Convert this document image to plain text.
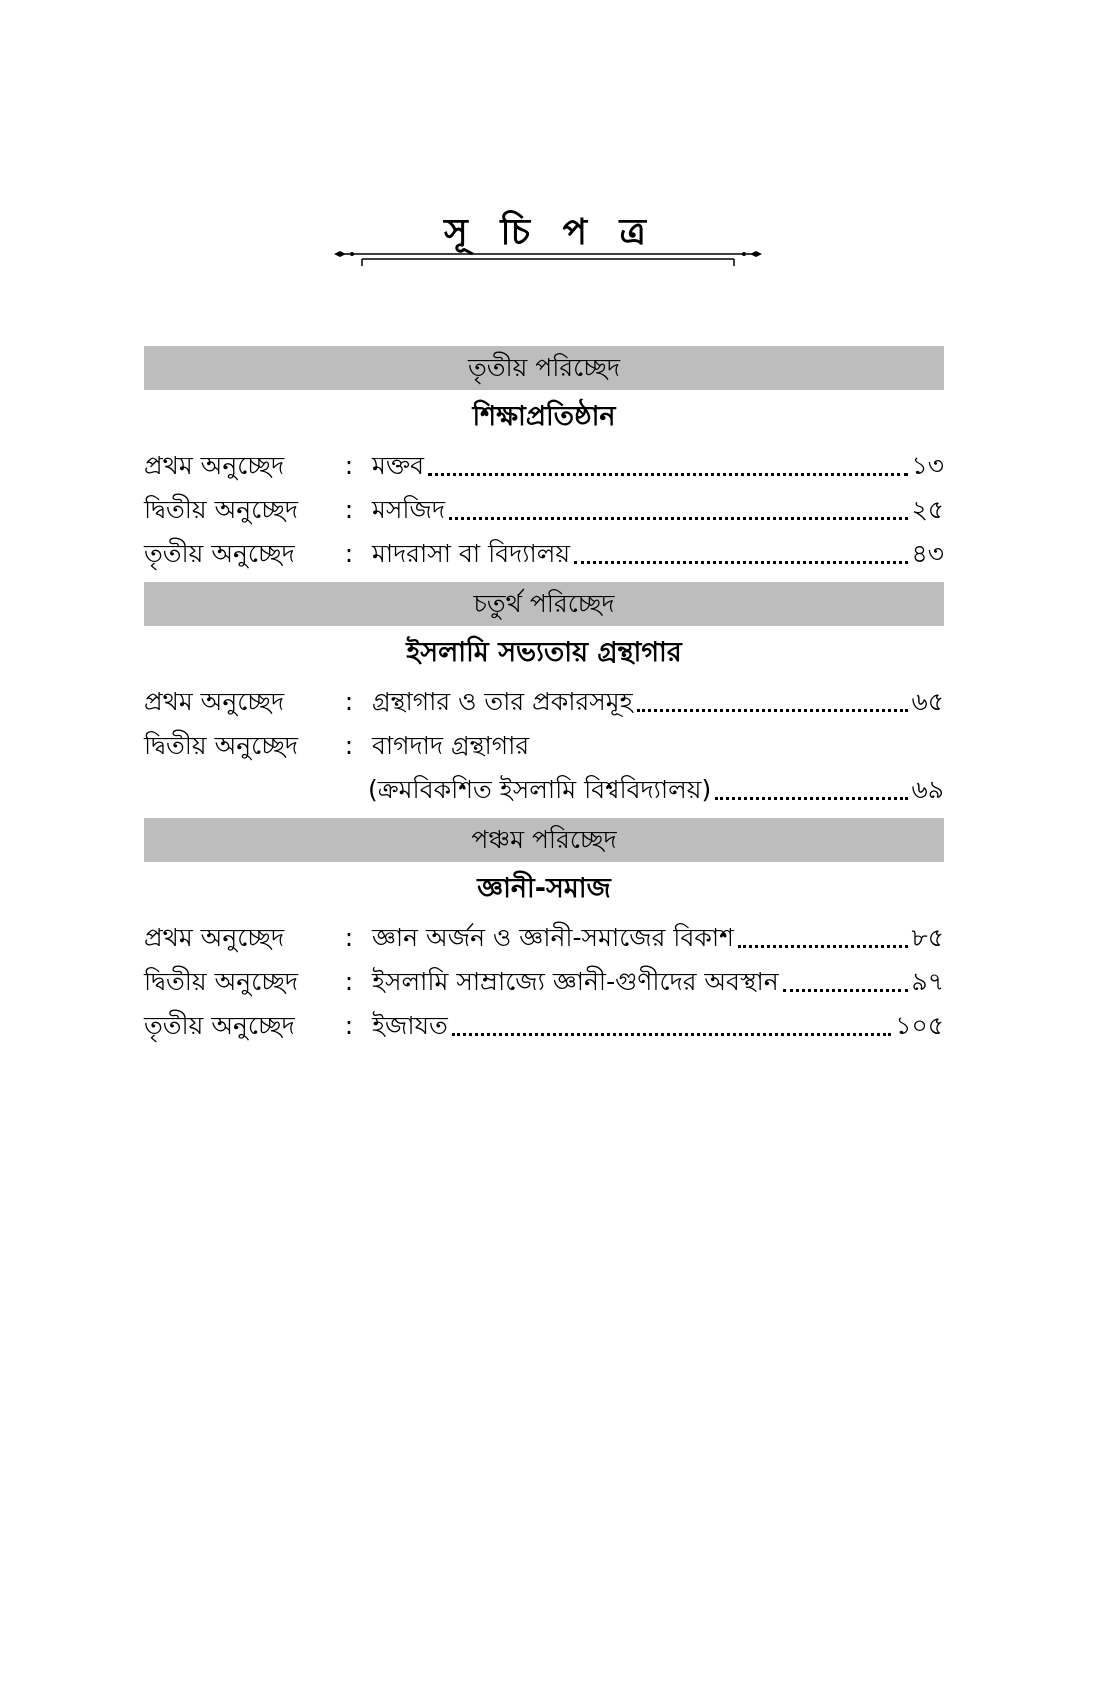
সূ চি প ত্র
তৃতীয় পরিচ্ছেদ
শিক্ষাপ্রতিষ্ঠান
প্রথম অনুচ্ছেদ	: মক্তব	১৩
দ্বিতীয় অনুচ্ছেদ	: মসজিদ	২৫
তৃতীয় অনুচ্ছেদ	: মাদরাসা বা বিদ্যালয়	৪৩
চতুর্থ পরিচ্ছেদ
ইসলামি সভ্যতায় গ্রন্থাগার
প্রথম অনুচ্ছেদ	: গ্রন্থাগার ও তার প্রকারসমূহ	৬৫
দ্বিতীয় অনুচ্ছেদ	: বাগদাদ গ্রন্থাগার
(ক্রমবিকশিত ইসলামি বিশ্ববিদ্যালয়)	৬৯
পঞ্চম পরিচ্ছেদ
জ্ঞানী-সমাজ
প্রথম অনুচ্ছেদ	: জ্ঞান অর্জন ও জ্ঞানী-সমাজের বিকাশ	৮৫
দ্বিতীয় অনুচ্ছেদ	: ইসলামি সাম্রাজ্যে জ্ঞানী-গুণীদের অবস্থান	৯৭
তৃতীয় অনুচ্ছেদ	: ইজাযত	১০৫
